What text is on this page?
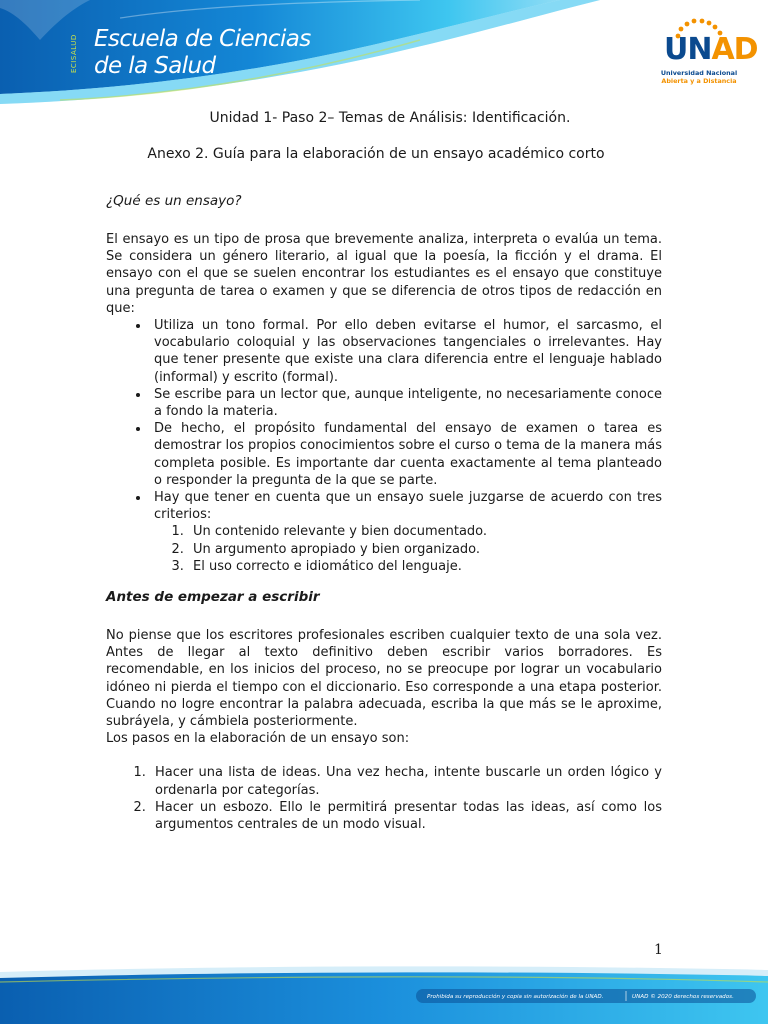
ECISALUD Escuela de Ciencias
de la Salud	UNAD
Universidad Nacional
Abierta y a Distancia
Unidad 1- Paso 2– Temas de Análisis: Identificación.
Anexo 2. Guía para la elaboración de un ensayo académico corto
¿Qué es un ensayo?

El ensayo es un tipo de prosa que brevemente analiza, interpreta o evalúa un tema. Se considera un género literario, al igual que la poesía, la ficción y el drama. El ensayo con el que se suelen encontrar los estudiantes es el ensayo que constituye una pregunta de tarea o examen y que se diferencia de otros tipos de redacción en que:

• Utiliza un tono formal. Por ello deben evitarse el humor, el sarcasmo, el vocabulario coloquial y las observaciones tangenciales o irrelevantes. Hay que tener presente que existe una clara diferencia entre el lenguaje hablado (informal) y escrito (formal).
• Se escribe para un lector que, aunque inteligente, no necesariamente conoce a fondo la materia.
• De hecho, el propósito fundamental del ensayo de examen o tarea es demostrar los propios conocimientos sobre el curso o tema de la manera más completa posible. Es importante dar cuenta exactamente al tema planteado o responder la pregunta de la que se parte.
• Hay que tener en cuenta que un ensayo suele juzgarse de acuerdo con tres criterios:
1. Un contenido relevante y bien documentado.
2. Un argumento apropiado y bien organizado.
3. El uso correcto e idiomático del lenguaje.
Antes de empezar a escribir

No piense que los escritores profesionales escriben cualquier texto de una sola vez. Antes de llegar al texto definitivo deben escribir varios borradores. Es recomendable, en los inicios del proceso, no se preocupe por lograr un vocabulario idóneo ni pierda el tiempo con el diccionario. Eso corresponde a una etapa posterior. Cuando no logre encontrar la palabra adecuada, escriba la que más se le aproxime, subráyela, y cámbiela posteriormente.

Los pasos en la elaboración de un ensayo son:

1. Hacer una lista de ideas. Una vez hecha, intente buscarle un orden lógico y ordenarla por categorías.
2. Hacer un esbozo. Ello le permitirá presentar todas las ideas, así como los argumentos centrales de un modo visual.
1
Prohibida su reproducción y copia sin autorización de la UNAD.	UNAD © 2020 derechos reservados.
